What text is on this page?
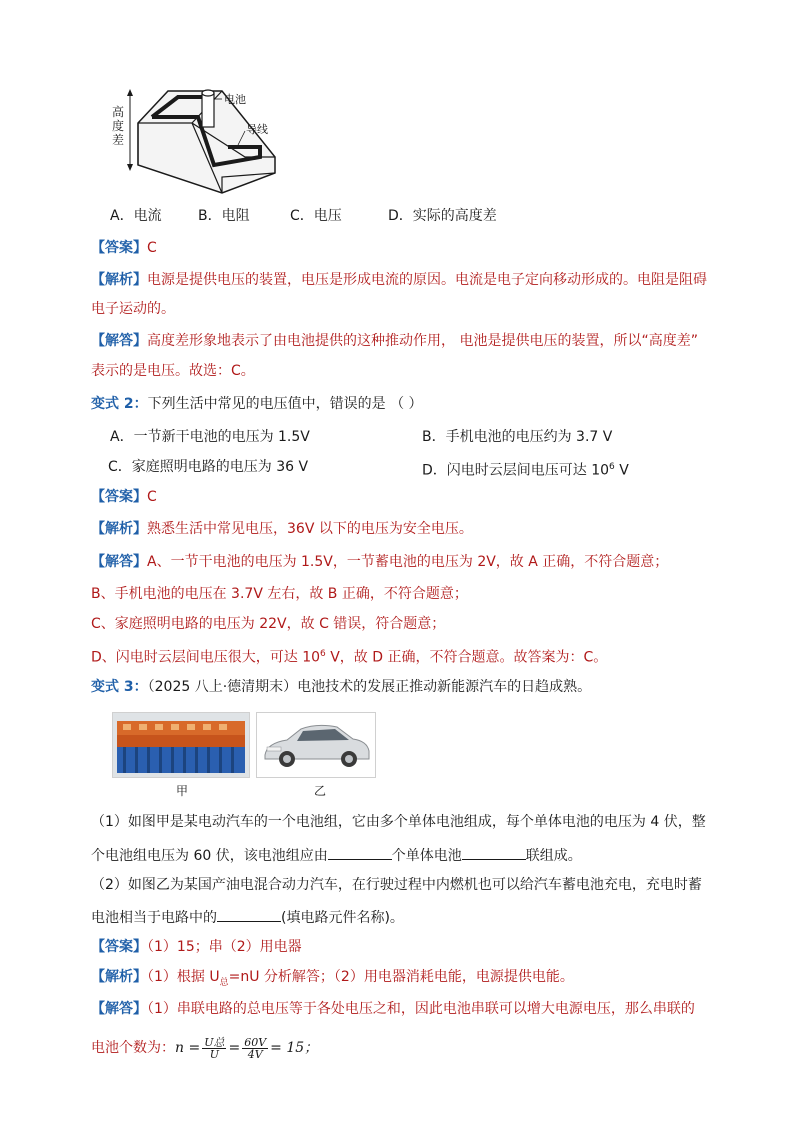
高
度
差
电池
导线
A．电流	B．电阻	C．电压	D．实际的高度差
【答案】C
【解析】电源是提供电压的装置，电压是形成电流的原因。电流是电子定向移动形成的。电阻是阻碍
电子运动的。
【解答】高度差形象地表示了由电池提供的这种推动作用， 电池是提供电压的装置，所以“高度差”
表示的是电压。故选：C。
变式 2：下列生活中常见的电压值中，错误的是 （ ）
A．一节新干电池的电压为 1.5V	B．手机电池的电压约为 3.7 V
C．家庭照明电路的电压为 36 V	D．闪电时云层间电压可达 $10^6$ V
【答案】C
【解析】熟悉生活中常见电压，36V 以下的电压为安全电压。
【解答】A、一节干电池的电压为 1.5V，一节蓄电池的电压为 2V，故 A 正确，不符合题意；
B、手机电池的电压在 3.7V 左右，故 B 正确，不符合题意；
C、家庭照明电路的电压为 22V，故 C 错误，符合题意；
D、闪电时云层间电压很大，可达 $10^6$ V，故 D 正确，不符合题意。故答案为：C。
变式 3：（2025 八上·德清期末）电池技术的发展正推动新能源汽车的日趋成熟。
甲	乙
（1）如图甲是某电动汽车的一个电池组，它由多个单体电池组成，每个单体电池的电压为 4 伏，整
个电池组电压为 60 伏，该电池组应由	个单体电池	联组成。
（2）如图乙为某国产油电混合动力汽车，在行驶过程中内燃机也可以给汽车蓄电池充电，充电时蓄
电池相当于电路中的	(填电路元件名称)。
【答案】（1）15；串（2）用电器
【解析】（1）根据 $U_总=nU$ 分析解答；（2）用电器消耗电能，电源提供电能。
【解答】（1）串联电路的总电压等于各处电压之和，因此电池串联可以增大电源电压，那么串联的
电池个数为：$n = \frac{\text{U总}}{U} = \frac{60V}{4V} = 15$；
